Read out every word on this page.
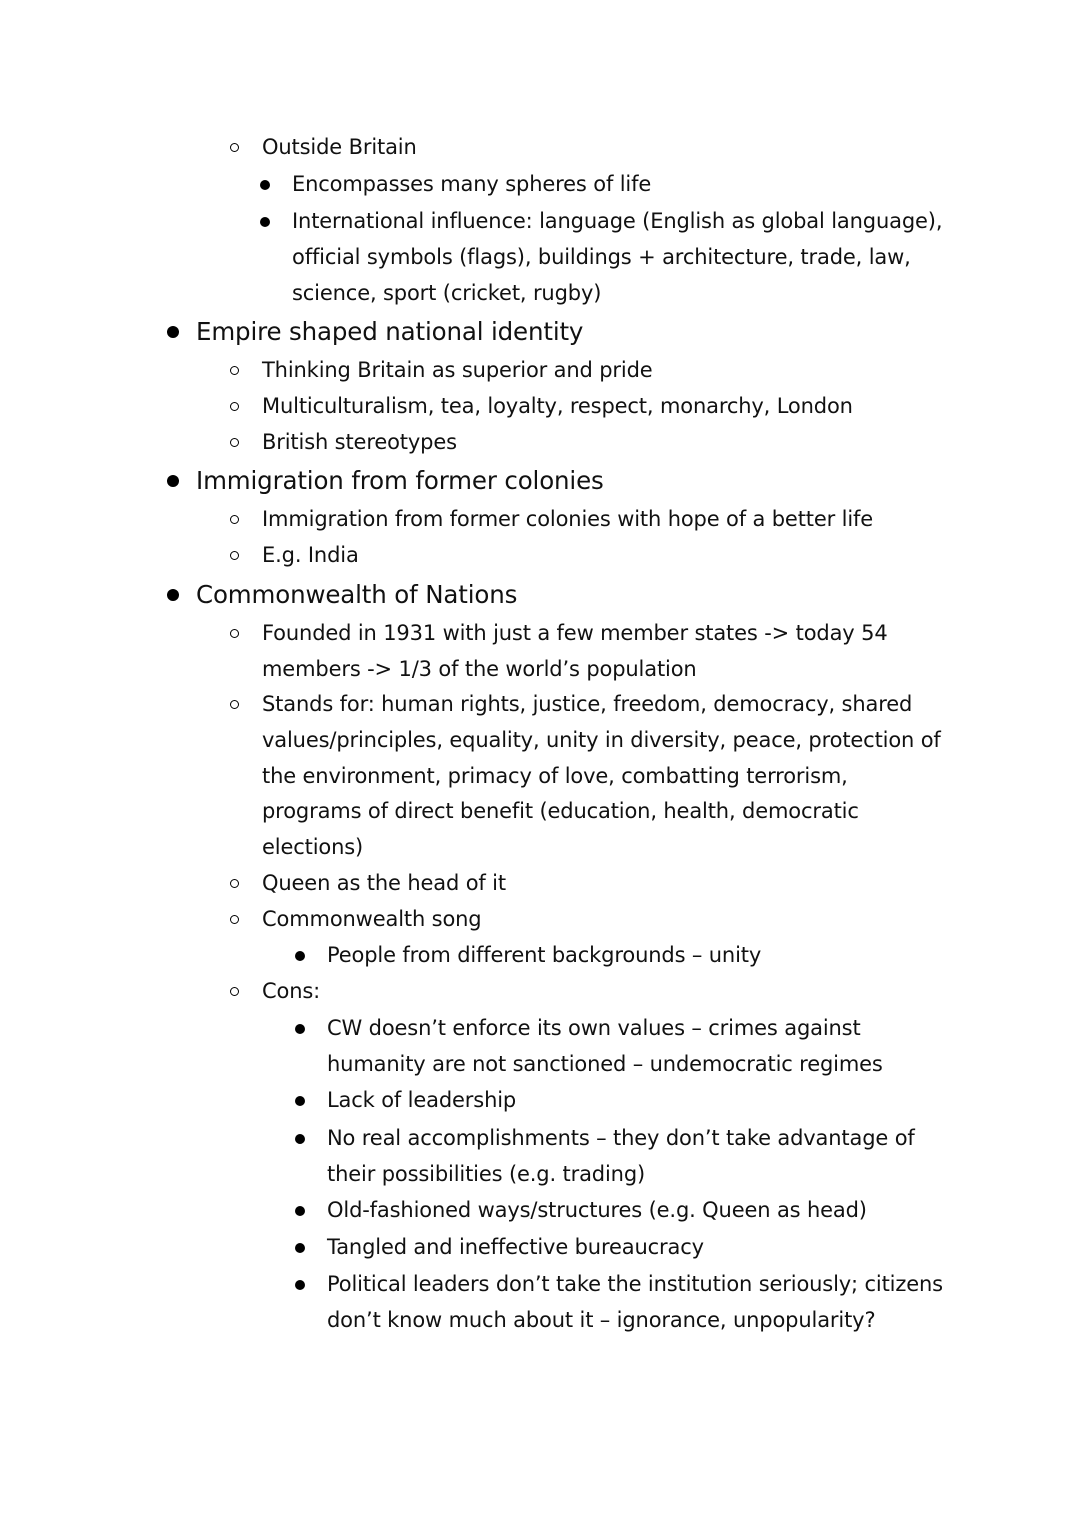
Outside Britain
Encompasses many spheres of life
International influence: language (English as global language),
official symbols (flags), buildings + architecture, trade, law,
science, sport (cricket, rugby)
Empire shaped national identity
Thinking Britain as superior and pride
Multiculturalism, tea, loyalty, respect, monarchy, London
British stereotypes
Immigration from former colonies
Immigration from former colonies with hope of a better life
E.g. India
Commonwealth of Nations
Founded in 1931 with just a few member states -> today 54
members -> 1/3 of the world’s population
Stands for: human rights, justice, freedom, democracy, shared
values/principles, equality, unity in diversity, peace, protection of
the environment, primacy of love, combatting terrorism,
programs of direct benefit (education, health, democratic
elections)
Queen as the head of it
Commonwealth song
People from different backgrounds – unity
Cons:
CW doesn’t enforce its own values – crimes against
humanity are not sanctioned – undemocratic regimes
Lack of leadership
No real accomplishments – they don’t take advantage of
their possibilities (e.g. trading)
Old-fashioned ways/structures (e.g. Queen as head)
Tangled and ineffective bureaucracy
Political leaders don’t take the institution seriously; citizens
don’t know much about it – ignorance, unpopularity?
